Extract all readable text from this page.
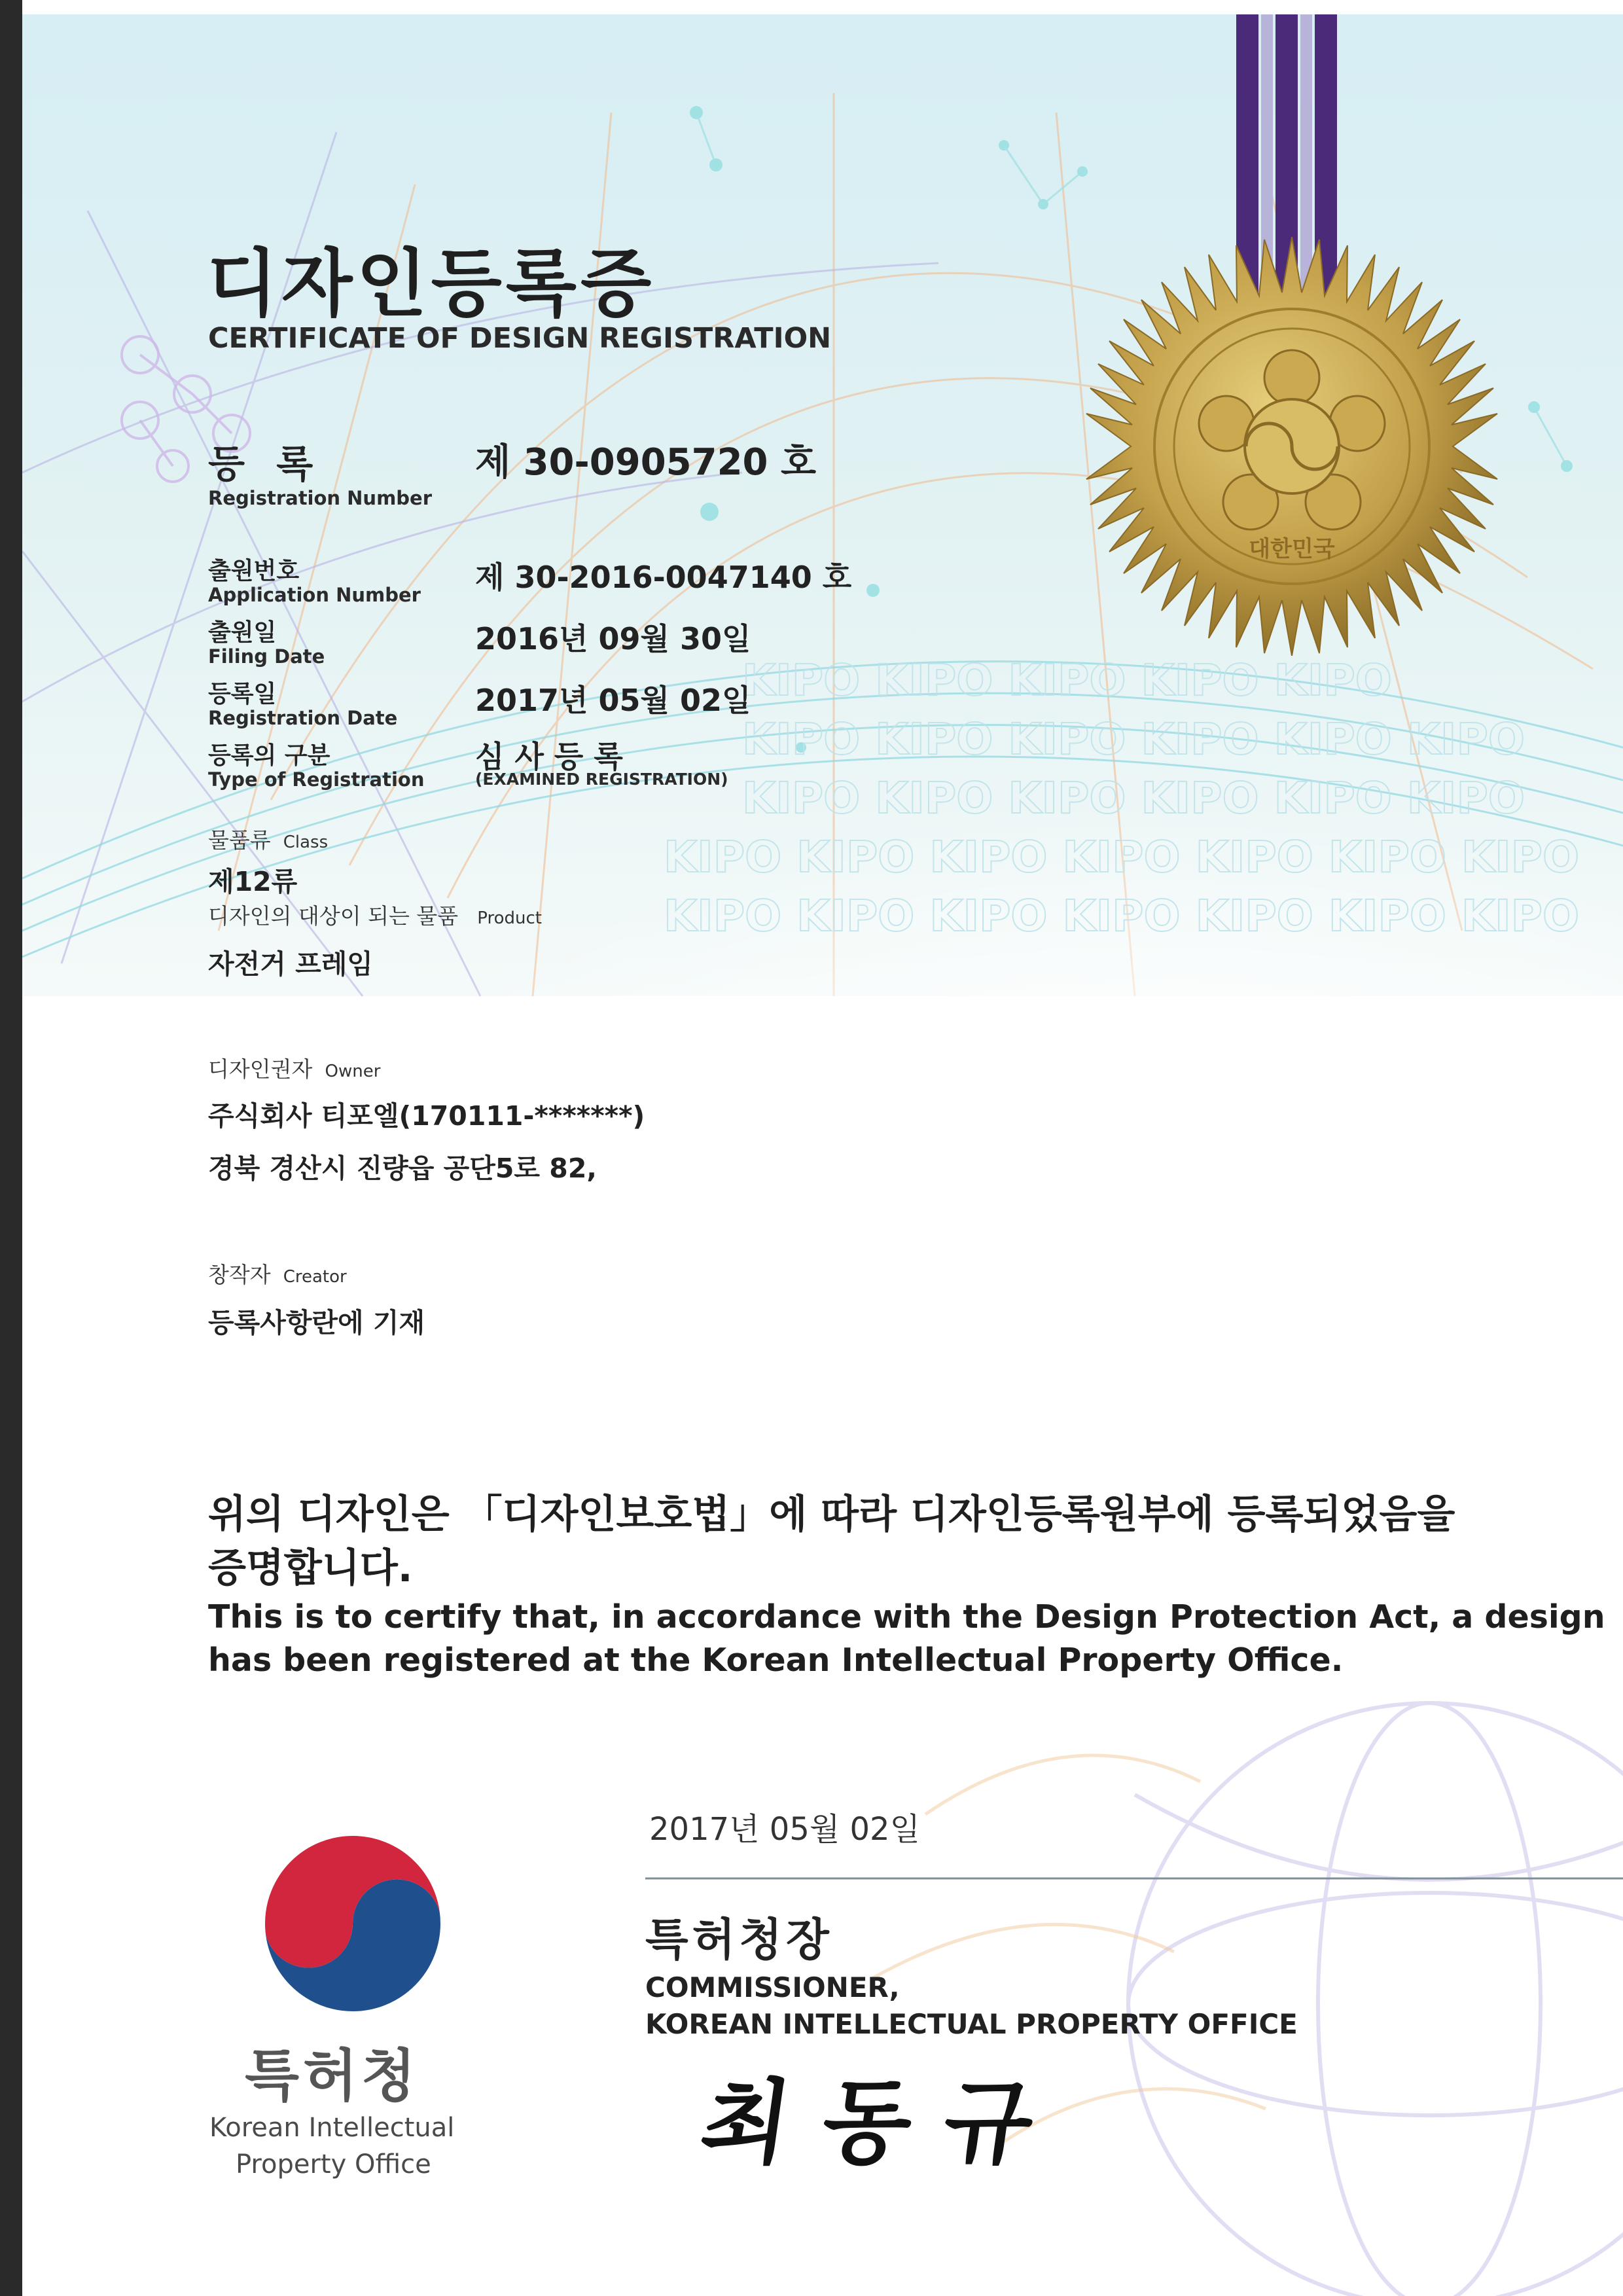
KIPO KIPO KIPO KIPO KIPO
KIPO KIPO KIPO KIPO KIPO KIPO
KIPO KIPO KIPO KIPO KIPO KIPO
KIPO KIPO KIPO KIPO KIPO KIPO KIPO
KIPO KIPO KIPO KIPO KIPO KIPO KIPO
대한민국
디자인등록증
CERTIFICATE OF DESIGN REGISTRATION
등 록
Registration Number
제 30-0905720 호
출원번호
Application Number 제 30-2016-0047140 호
출원일
Filing Date	2016년 09월 30일
등록일
Registration Date	2017년 05월 02일
등록의 구분
Type of Registration
심 사 등 록
(EXAMINED REGISTRATION)
물품류 Class
제12류
디자인의 대상이 되는 물품 Product
자전거 프레임
디자인권자 Owner
주식회사 티포엘(170111-*******)
경북 경산시 진량읍 공단5로 82,
창작자 Creator
등록사항란에 기재
위의 디자인은 「디자인보호법」에 따라 디자인등록원부에 등록되었음을
증명합니다.
This is to certify that, in accordance with the Design Protection Act, a design
has been registered at the Korean Intellectual Property Office.
2017년 05월 02일
특허청장
COMMISSIONER,
KOREAN INTELLECTUAL PROPERTY OFFICE
최동규
특허청
Korean Intellectual
Property Office
